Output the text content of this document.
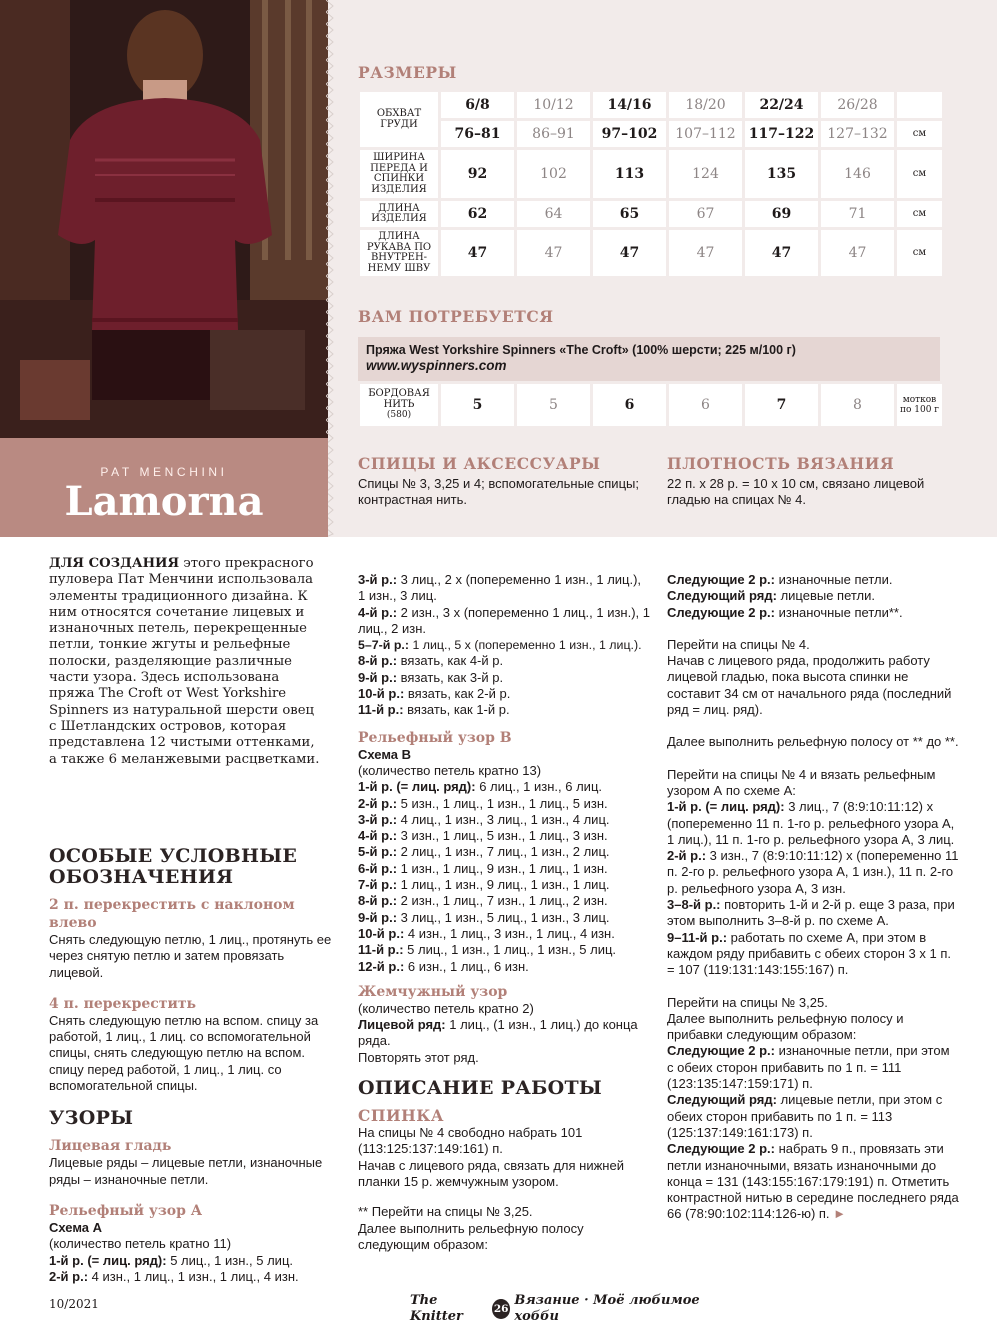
PAT MENCHINI
Lamorna
РАЗМЕРЫ
ОБХВАТ ГРУДИ	6/8	10/12	14/16	18/20	22/24	26/28	
	76–81	86–91	97–102	107–112	117–122	127–132	см
ШИРИНА ПЕРЕДА И СПИНКИ ИЗДЕЛИЯ	92	102	113	124	135	146	см
ДЛИНА ИЗДЕЛИЯ	62	64	65	67	69	71	см
ДЛИНА РУКАВА ПО ВНУТРЕН-НЕМУ ШВУ	47	47	47	47	47	47	см
ВАМ ПОТРЕБУЕТСЯ
Пряжа West Yorkshire Spinners «The Croft» (100% шерсти; 225 м/100 г)
www.wyspinners.com
БОРДОВАЯ НИТЬ
(580)	5	5	6	6	7	8	мотков по 100 г
СПИЦЫ И АКСЕССУАРЫ
Спицы № 3, 3,25 и 4; вспомогательные спицы; контрастная нить.
ПЛОТНОСТЬ ВЯЗАНИЯ
22 п. х 28 р. = 10 х 10 см, связано лицевой гладью на спицах № 4.
ДЛЯ СОЗДАНИЯ этого прекрасного пуловера Пат Менчини использовала элементы традиционного дизайна. К ним относятся сочетание лицевых и изнаночных петель, перекрещенные петли, тонкие жгуты и рельефные полоски, разделяющие различные части узора. Здесь использована пряжа The Croft от West Yorkshire Spinners из натуральной шерсти овец с Шетландских островов, которая представлена 12 чистыми оттенками, а также 6 меланжевыми расцветками.
ОСОБЫЕ УСЛОВНЫЕ ОБОЗНАЧЕНИЯ
2 п. перекрестить с наклоном влево

Снять следующую петлю, 1 лиц., протянуть ее через снятую петлю и затем провязать лицевой.

4 п. перекрестить

Снять следующую петлю на вспом. спицу за работой, 1 лиц., 1 лиц. со вспомогательной спицы, снять следующую петлю на вспом. спицу перед работой, 1 лиц., 1 лиц. со вспомогательной спицы.

УЗОРЫ
Лицевая гладь

Лицевые ряды – лицевые петли, изнаночные ряды – изнаночные петли.

Рельефный узор А

Схема А

(количество петель кратно 11)

1-й р. (= лиц. ряд): 5 лиц., 1 изн., 5 лиц.

2-й р.: 4 изн., 1 лиц., 1 изн., 1 лиц., 4 изн.

3-й р.: 3 лиц., 2 х (попеременно 1 изн., 1 лиц.), 1 изн., 3 лиц.

4-й р.: 2 изн., 3 х (попеременно 1 лиц., 1 изн.), 1 лиц., 2 изн.

5–7-й р.: 1 лиц., 5 х (попеременно 1 изн., 1 лиц.).

8-й р.: вязать, как 4-й р.

9-й р.: вязать, как 3-й р.

10-й р.: вязать, как 2-й р.

11-й р.: вязать, как 1-й р.

Рельефный узор В

Схема В

(количество петель кратно 13)

1-й р. (= лиц. ряд): 6 лиц., 1 изн., 6 лиц.

2-й р.: 5 изн., 1 лиц., 1 изн., 1 лиц., 5 изн.

3-й р.: 4 лиц., 1 изн., 3 лиц., 1 изн., 4 лиц.

4-й р.: 3 изн., 1 лиц., 5 изн., 1 лиц., 3 изн.

5-й р.: 2 лиц., 1 изн., 7 лиц., 1 изн., 2 лиц.

6-й р.: 1 изн., 1 лиц., 9 изн., 1 лиц., 1 изн.

7-й р.: 1 лиц., 1 изн., 9 лиц., 1 изн., 1 лиц.

8-й р.: 2 изн., 1 лиц., 7 изн., 1 лиц., 2 изн.

9-й р.: 3 лиц., 1 изн., 5 лиц., 1 изн., 3 лиц.

10-й р.: 4 изн., 1 лиц., 3 изн., 1 лиц., 4 изн.

11-й р.: 5 лиц., 1 изн., 1 лиц., 1 изн., 5 лиц.

12-й р.: 6 изн., 1 лиц., 6 изн.

Жемчужный узор

(количество петель кратно 2)

Лицевой ряд: 1 лиц., (1 изн., 1 лиц.) до конца ряда.

Повторять этот ряд.

ОПИСАНИЕ РАБОТЫ
СПИНКА

На спицы № 4 свободно набрать 101 (113:125:137:149:161) п.

Начав с лицевого ряда, связать для нижней планки 15 р. жемчужным узором.

** Перейти на спицы № 3,25.

Далее выполнить рельефную полосу следующим образом:

Следующие 2 р.: изнаночные петли.

Следующий ряд: лицевые петли.

Следующие 2 р.: изнаночные петли**.

Перейти на спицы № 4.

Начав с лицевого ряда, продолжить работу лицевой гладью, пока высота спинки не составит 34 см от начального ряда (последний ряд = лиц. ряд).

Далее выполнить рельефную полосу от ** до **.

Перейти на спицы № 4 и вязать рельефным узором А по схеме А:

1-й р. (= лиц. ряд): 3 лиц., 7 (8:9:10:11:12) х (попеременно 11 п. 1-го р. рельефного узора А, 1 лиц.), 11 п. 1-го р. рельефного узора А, 3 лиц.

2-й р.: 3 изн., 7 (8:9:10:11:12) х (попеременно 11 п. 2-го р. рельефного узора А, 1 изн.), 11 п. 2-го р. рельефного узора А, 3 изн.

3–8-й р.: повторить 1-й и 2-й р. еще 3 раза, при этом выполнить 3–8-й р. по схеме А.

9–11-й р.: работать по схеме А, при этом в каждом ряду прибавить с обеих сторон 3 х 1 п. = 107 (119:131:143:155:167) п.

Перейти на спицы № 3,25.

Далее выполнить рельефную полосу и прибавки следующим образом:

Следующие 2 р.: изнаночные петли, при этом с обеих сторон прибавить по 1 п. = 111 (123:135:147:159:171) п.

Следующий ряд: лицевые петли, при этом с обеих сторон прибавить по 1 п. = 113 (125:137:149:161:173) п.

Следующие 2 р.: набрать 9 п., провязать эти петли изнаночными, вязать изнаночными до конца = 131 (143:155:167:179:191) п. Отметить контрастной нитью в середине последнего ряда 66 (78:90:102:114:126-ю) п. ►

10/2021	The Knitter	26
Вязание · Моё любимое хобби
